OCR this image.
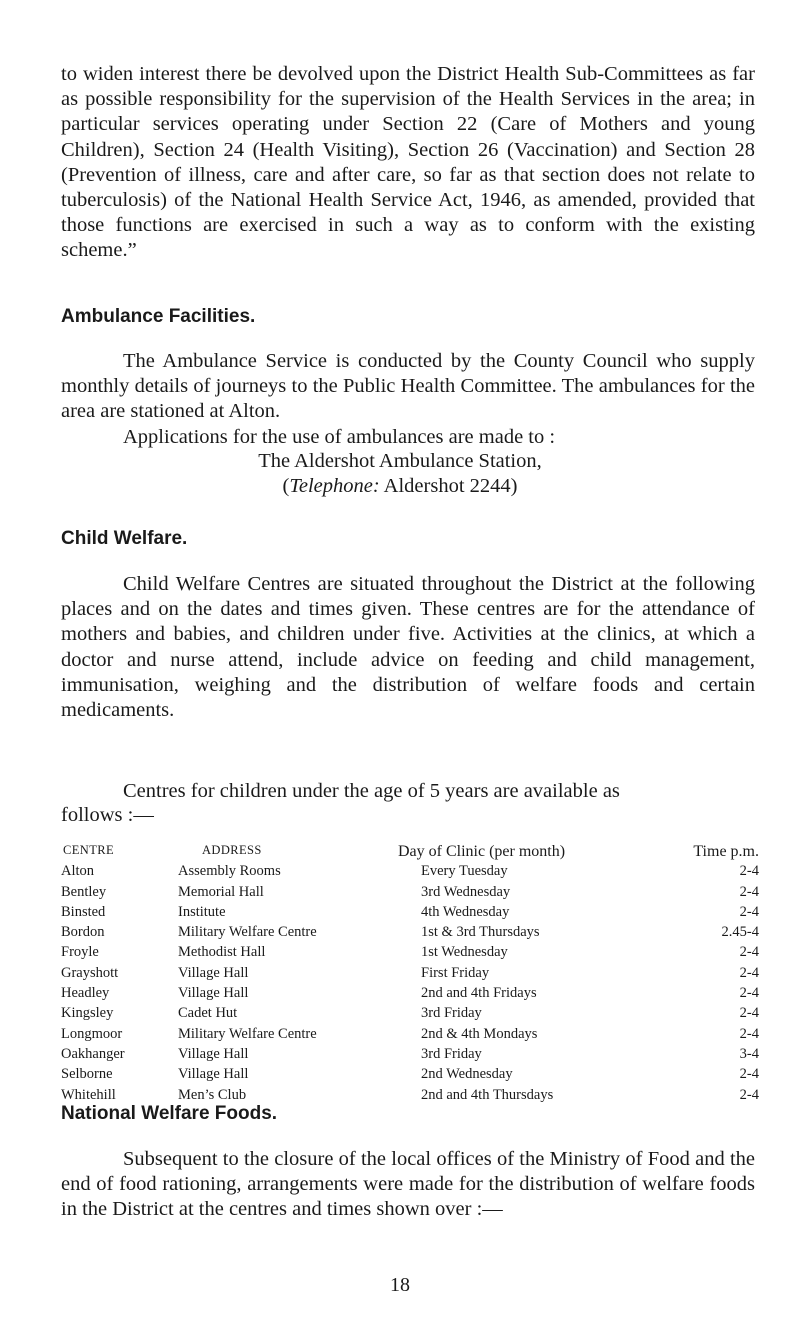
to widen interest there be devolved upon the District Health Sub-Committees as far as possible responsibility for the supervision of the Health Services in the area; in particular services operating under Section 22 (Care of Mothers and young Children), Section 24 (Health Visiting), Section 26 (Vaccination) and Section 28 (Prevention of illness, care and after care, so far as that section does not relate to tuberculosis) of the National Health Service Act, 1946, as amended, provided that those functions are exercised in such a way as to conform with the existing scheme.”

Ambulance Facilities.

The Ambulance Service is conducted by the County Council who supply monthly details of journeys to the Public Health Committee. The ambulances for the area are stationed at Alton.

Applications for the use of ambulances are made to :

The Aldershot Ambulance Station,

(Telephone: Aldershot 2244)

Child Welfare.

Child Welfare Centres are situated throughout the District at the following places and on the dates and times given. These centres are for the attendance of mothers and babies, and children under five. Activities at the clinics, at which a doctor and nurse attend, include advice on feeding and child management, immunisation, weighing and the distribution of welfare foods and certain medicaments.

Centres for children under the age of 5 years are available as

follows :—

CENTRE	ADDRESS	Day of Clinic (per month)	Time p.m.
Alton	Assembly Rooms	Every Tuesday	2-4
Bentley	Memorial Hall	3rd Wednesday	2-4
Binsted	Institute	4th Wednesday	2-4
Bordon	Military Welfare Centre	1st & 3rd Thursdays	2.45-4
Froyle	Methodist Hall	1st Wednesday	2-4
Grayshott	Village Hall	First Friday	2-4
Headley	Village Hall	2nd and 4th Fridays	2-4
Kingsley	Cadet Hut	3rd Friday	2-4
Longmoor	Military Welfare Centre	2nd & 4th Mondays	2-4
Oakhanger	Village Hall	3rd Friday	3-4
Selborne	Village Hall	2nd Wednesday	2-4
Whitehill	Men’s Club	2nd and 4th Thursdays	2-4
National Welfare Foods.

Subsequent to the closure of the local offices of the Ministry of Food and the end of food rationing, arrangements were made for the distribution of welfare foods in the District at the centres and times shown over :—

18
